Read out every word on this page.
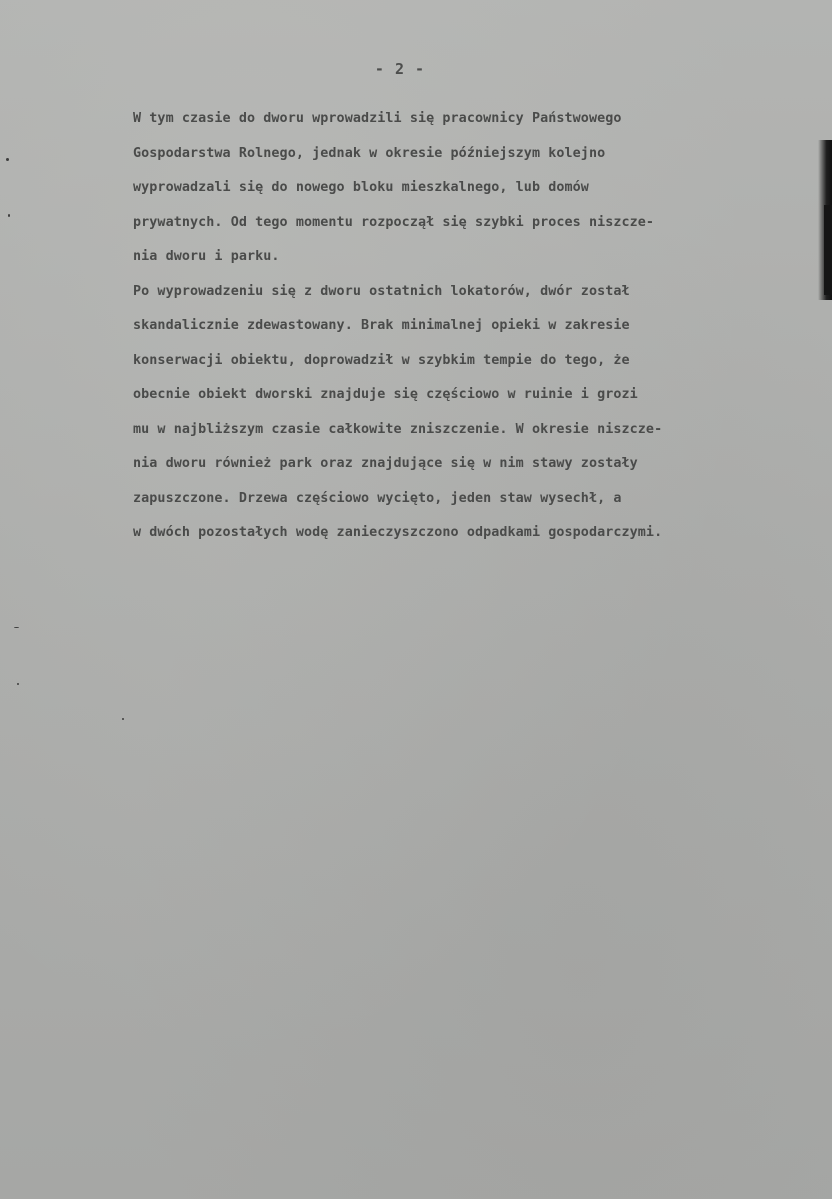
- 2 -
W tym czasie do dworu wprowadzili się pracownicy Państwowego
Gospodarstwa Rolnego, jednak w okresie późniejszym kolejno
wyprowadzali się do nowego bloku mieszkalnego, lub domów
prywatnych. Od tego momentu rozpoczął się szybki proces niszcze-
nia dworu i parku.
Po wyprowadzeniu się z dworu ostatnich lokatorów, dwór został
skandalicznie zdewastowany. Brak minimalnej opieki w zakresie
konserwacji obiektu, doprowadził w szybkim tempie do tego, że
obecnie obiekt dworski znajduje się częściowo w ruinie i grozi
mu w najbliższym czasie całkowite zniszczenie. W okresie niszcze-
nia dworu również park oraz znajdujące się w nim stawy zostały
zapuszczone. Drzewa częściowo wycięto, jeden staw wysechł, a
w dwóch pozostałych wodę zanieczyszczono odpadkami gospodarczymi.
